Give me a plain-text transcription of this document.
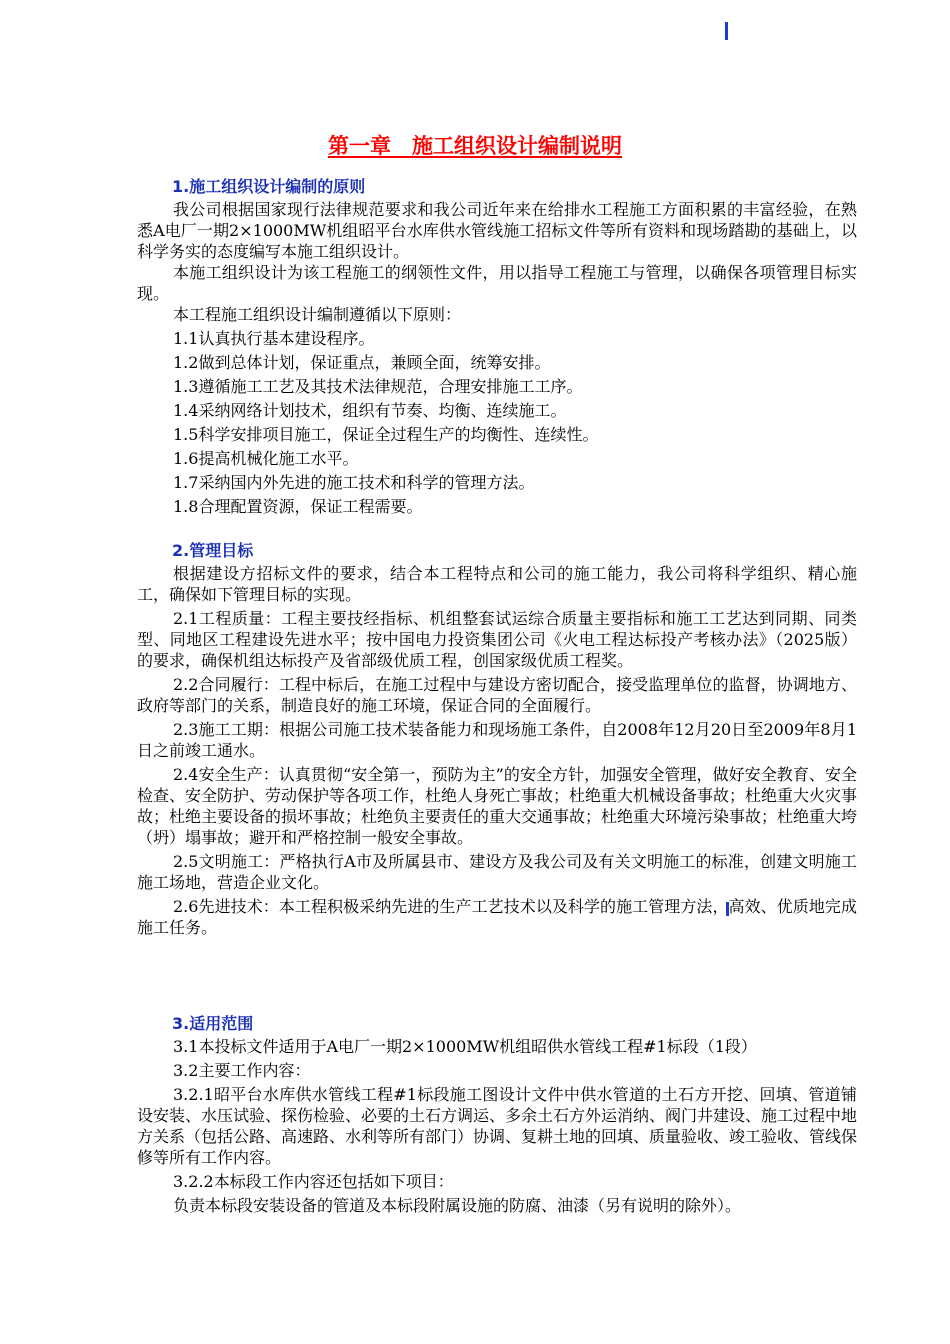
第一章　施工组织设计编制说明
1.施工组织设计编制的原则

我公司根据国家现行法律规范要求和我公司近年来在给排水工程施工方面积累的丰富经验，在熟悉A电厂一期2×1000MW机组昭平台水库供水管线施工招标文件等所有资料和现场踏勘的基础上，以科学务实的态度编写本施工组织设计。

本施工组织设计为该工程施工的纲领性文件，用以指导工程施工与管理，以确保各项管理目标实现。

本工程施工组织设计编制遵循以下原则：

1.1认真执行基本建设程序。

1.2做到总体计划，保证重点，兼顾全面，统筹安排。

1.3遵循施工工艺及其技术法律规范，合理安排施工工序。

1.4采纳网络计划技术，组织有节奏、均衡、连续施工。

1.5科学安排项目施工，保证全过程生产的均衡性、连续性。

1.6提高机械化施工水平。

1.7采纳国内外先进的施工技术和科学的管理方法。

1.8合理配置资源，保证工程需要。

2.管理目标

根据建设方招标文件的要求，结合本工程特点和公司的施工能力，我公司将科学组织、精心施工，确保如下管理目标的实现。

2.1工程质量：工程主要技经指标、机组整套试运综合质量主要指标和施工工艺达到同期、同类型、同地区工程建设先进水平；按中国电力投资集团公司《火电工程达标投产考核办法》（2025版）的要求，确保机组达标投产及省部级优质工程，创国家级优质工程奖。

2.2合同履行：工程中标后，在施工过程中与建设方密切配合，接受监理单位的监督，协调地方、政府等部门的关系，制造良好的施工环境，保证合同的全面履行。

2.3施工工期：根据公司施工技术装备能力和现场施工条件，自2008年12月20日至2009年8月1日之前竣工通水。

2.4安全生产：认真贯彻“安全第一，预防为主”的安全方针，加强安全管理，做好安全教育、安全检查、安全防护、劳动保护等各项工作，杜绝人身死亡事故；杜绝重大机械设备事故；杜绝重大火灾事故；杜绝主要设备的损坏事故；杜绝负主要责任的重大交通事故；杜绝重大环境污染事故；杜绝重大垮（坍）塌事故；避开和严格控制一般安全事故。

2.5文明施工：严格执行A市及所属县市、建设方及我公司及有关文明施工的标准，创建文明施工施工场地，营造企业文化。

2.6先进技术：本工程积极采纳先进的生产工艺技术以及科学的施工管理方法，高效、优质地完成施工任务。

3.适用范围

3.1本投标文件适用于A电厂一期2×1000MW机组昭供水管线工程#1标段（1段）

3.2主要工作内容：

3.2.1昭平台水库供水管线工程#1标段施工图设计文件中供水管道的土石方开挖、回填、管道铺设安装、水压试验、探伤检验、必要的土石方调运、多余土石方外运消纳、阀门井建设、施工过程中地方关系（包括公路、高速路、水利等所有部门）协调、复耕土地的回填、质量验收、竣工验收、管线保修等所有工作内容。

3.2.2本标段工作内容还包括如下项目：

负责本标段安装设备的管道及本标段附属设施的防腐、油漆（另有说明的除外）。
